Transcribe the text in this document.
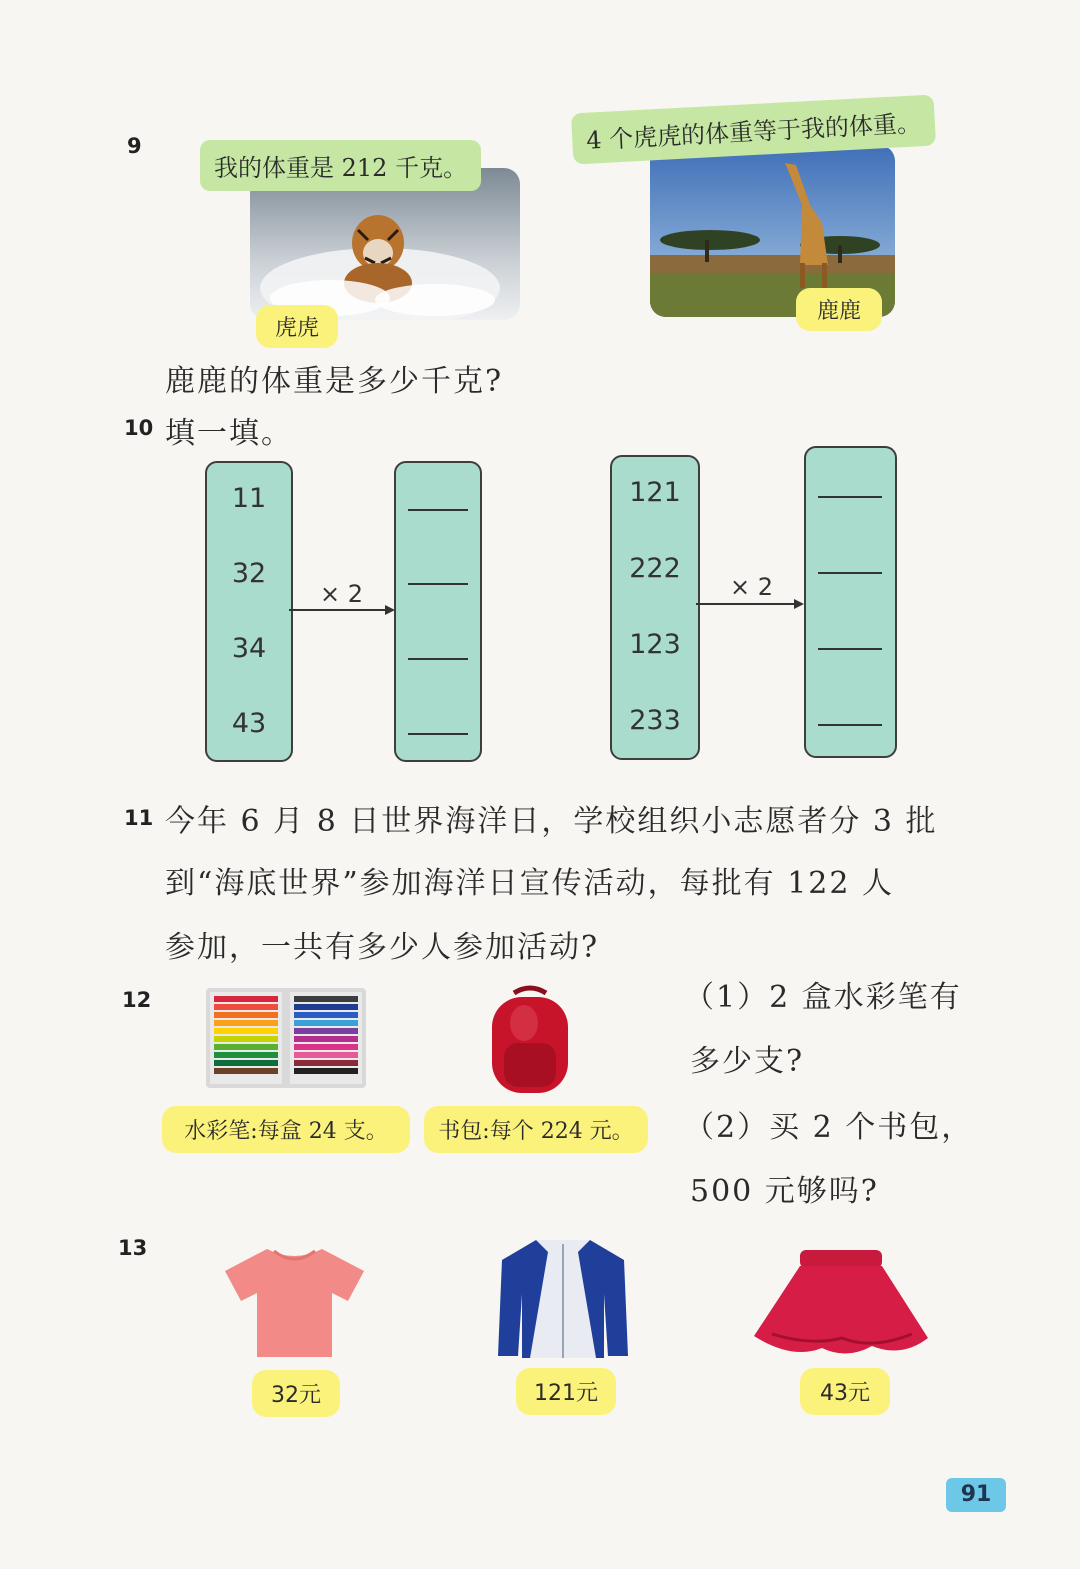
9
我的体重是 212 千克。
虎虎
4 个虎虎的体重等于我的体重。
鹿鹿
鹿鹿的体重是多少千克?
10 填一填。
11
32
34
43
× 2
121
222
123
233
× 2
11 今年 6 月 8 日世界海洋日，学校组织小志愿者分 3 批
到“海底世界”参加海洋日宣传活动，每批有 122 人
参加，一共有多少人参加活动?
12
水彩笔:每盒 24 支。	书包:每个 224 元。
（1）2 盒水彩笔有
多少支?
（2）买 2 个书包，
500 元够吗?
13
32元	121元	43元
91
